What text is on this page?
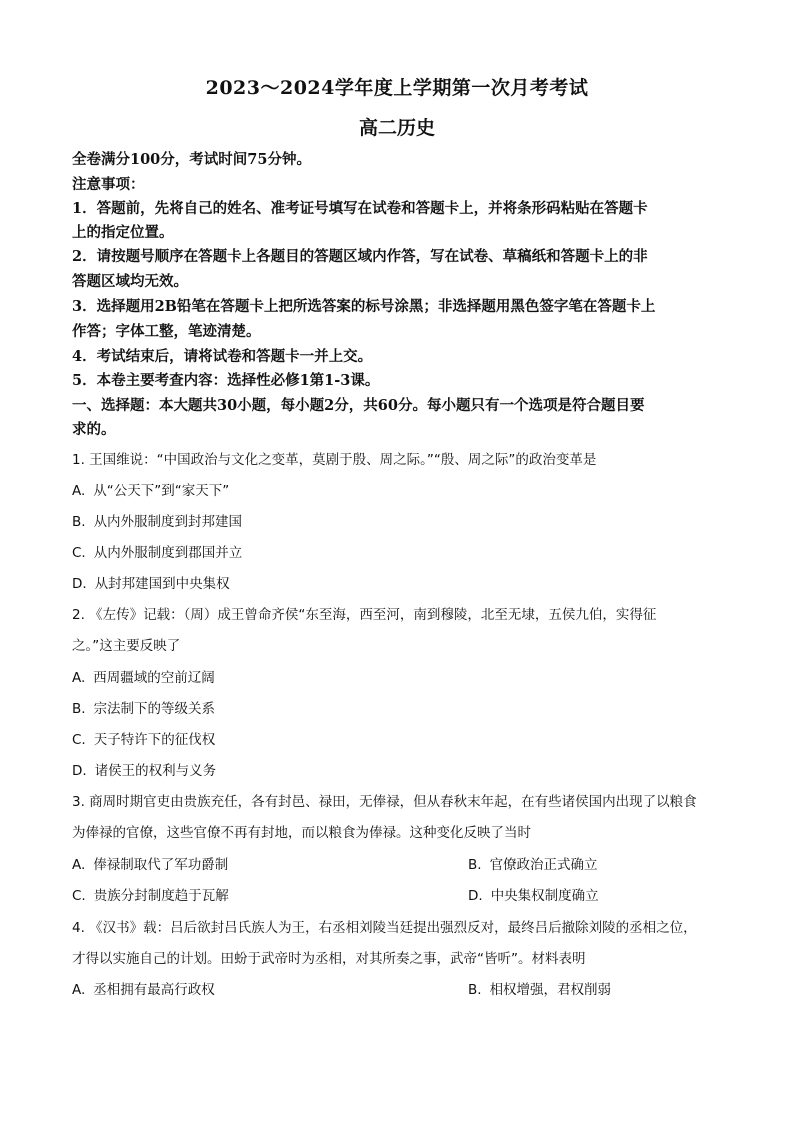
2023～2024学年度上学期第一次月考考试
高二历史
全卷满分100分，考试时间75分钟。
注意事项：
1．答题前，先将自己的姓名、准考证号填写在试卷和答题卡上，并将条形码粘贴在答题卡
上的指定位置。
2．请按题号顺序在答题卡上各题目的答题区域内作答，写在试卷、草稿纸和答题卡上的非
答题区域均无效。
3．选择题用2B铅笔在答题卡上把所选答案的标号涂黑；非选择题用黑色签字笔在答题卡上
作答；字体工整，笔迹清楚。
4．考试结束后，请将试卷和答题卡一并上交。
5．本卷主要考查内容：选择性必修1第1-3课。
一、选择题：本大题共30小题，每小题2分，共60分。每小题只有一个选项是符合题目要
求的。
1. 王国维说：“中国政治与文化之变革，莫剧于殷、周之际。”“殷、周之际”的政治变革是
A. 从“公天下”到“家天下”
B. 从内外服制度到封邦建国
C. 从内外服制度到郡国并立
D. 从封邦建国到中央集权
2. 《左传》记载：（周）成王曾命齐侯“东至海，西至河，南到穆陵，北至无埭，五侯九伯，实得征
之。”这主要反映了
A. 西周疆域的空前辽阔
B. 宗法制下的等级关系
C. 天子特许下的征伐权
D. 诸侯王的权利与义务
3. 商周时期官吏由贵族充任，各有封邑、禄田，无俸禄，但从春秋末年起，在有些诸侯国内出现了以粮食
为俸禄的官僚，这些官僚不再有封地，而以粮食为俸禄。这种变化反映了当时
A. 俸禄制取代了军功爵制	B. 官僚政治正式确立
C. 贵族分封制度趋于瓦解	D. 中央集权制度确立
4. 《汉书》载：吕后欲封吕氏族人为王，右丞相刘陵当廷提出强烈反对，最终吕后撤除刘陵的丞相之位，
才得以实施自己的计划。田蚡于武帝时为丞相，对其所奏之事，武帝“皆听”。材料表明
A. 丞相拥有最高行政权	B. 相权增强，君权削弱
